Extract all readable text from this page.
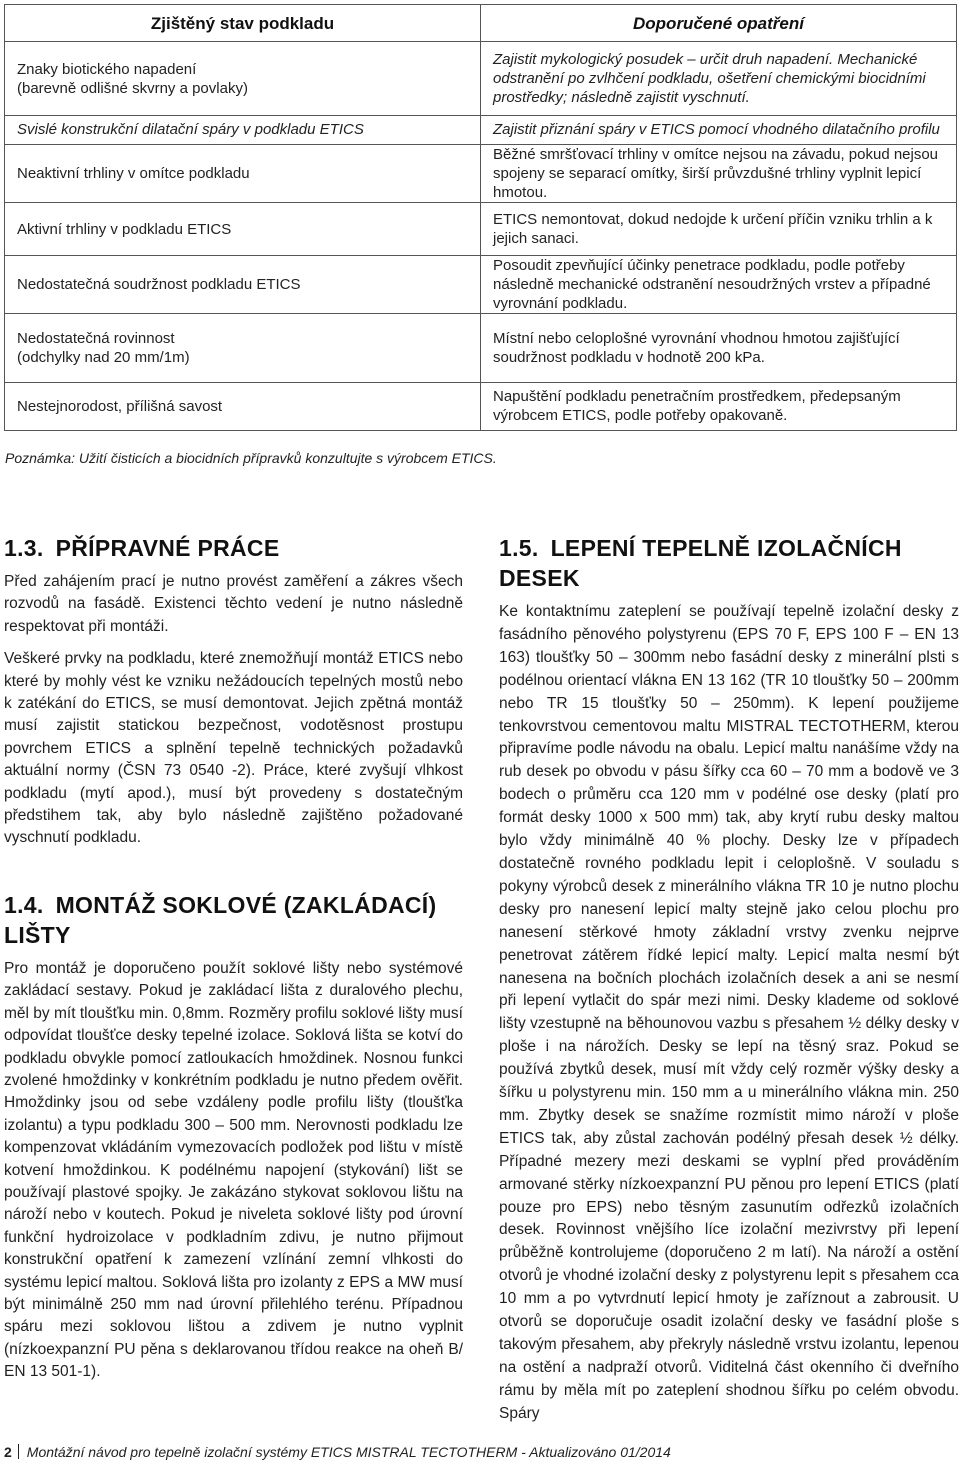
Zjištěný stav podkladu	Doporučené opatření
Znaky biotického napadení
(barevně odlišné skvrny a povlaky)	Zajistit mykologický posudek – určit druh napadení. Mechanické odstranění po zvlhčení podkladu, ošetření chemickými biocidními prostředky; následně zajistit vyschnutí.
Svislé konstrukční dilatační spáry v podkladu ETICS	Zajistit přiznání spáry v ETICS pomocí vhodného dilatačního profilu
Neaktivní trhliny v omítce podkladu	Běžné smršťovací trhliny v omítce nejsou na závadu, pokud nejsou spojeny se separací omítky, širší průvzdušné trhliny vyplnit lepicí hmotou.
Aktivní trhliny v podkladu ETICS	ETICS nemontovat, dokud nedojde k určení příčin vzniku trhlin a k jejich sanaci.
Nedostatečná soudržnost podkladu ETICS	Posoudit zpevňující účinky penetrace podkladu, podle potřeby následně mechanické odstranění nesoudržných vrstev a případné vyrovnání podkladu.
Nedostatečná rovinnost
(odchylky nad 20 mm/1m)	Místní nebo celoplošné vyrovnání vhodnou hmotou zajišťující soudržnost podkladu v hodnotě 200 kPa.
Nestejnorodost, přílišná savost	Napuštění podkladu penetračním prostředkem, předepsaným výrobcem ETICS, podle potřeby opakovaně.
Poznámka: Užití čisticích a biocidních přípravků konzultujte s výrobcem ETICS.
1.3. PŘÍPRAVNÉ PRÁCE

Před zahájením prací je nutno provést zaměření a zákres všech rozvodů na fasádě. Existenci těchto vedení je nutno následně respektovat při montáži.

Veškeré prvky na podkladu, které znemožňují montáž ETICS nebo které by mohly vést ke vzniku nežádoucích tepelných mostů nebo k zatékání do ETICS, se musí demontovat. Jejich zpětná montáž musí zajistit statickou bezpečnost, vodotěsnost prostupu povrchem ETICS a splnění tepelně technických požadavků aktuální normy (ČSN 73 0540 -2). Práce, které zvyšují vlhkost podkladu (mytí apod.), musí být provedeny s dostatečným předstihem tak, aby bylo následně zajištěno požadované vyschnutí podkladu.

1.4. MONTÁŽ SOKLOVÉ (ZAKLÁDACÍ) LIŠTY

Pro montáž je doporučeno použít soklové lišty nebo systémové zakládací sestavy. Pokud je zakládací lišta z duralového plechu, měl by mít tloušťku min. 0,8mm. Rozměry profilu soklové lišty musí odpovídat tloušťce desky tepelné izolace. Soklová lišta se kotví do podkladu obvykle pomocí zatloukacích hmoždinek. Nosnou funkci zvolené hmoždinky v konkrétním podkladu je nutno předem ověřit. Hmoždinky jsou od sebe vzdáleny podle profilu lišty (tloušťka izolantu) a typu podkladu 300 – 500 mm. Nerovnosti podkladu lze kompenzovat vkládáním vymezovacích podložek pod lištu v místě kotvení hmoždinkou. K podélnému napojení (stykování) lišt se používají plastové spojky. Je zakázáno stykovat soklovou lištu na nároží nebo v koutech. Pokud je niveleta soklové lišty pod úrovní funkční hydroizolace v podkladním zdivu, je nutno přijmout konstrukční opatření k zamezení vzlínání zemní vlhkosti do systému lepicí maltou. Soklová lišta pro izolanty z EPS a MW musí být minimálně 250 mm nad úrovní přilehlého terénu. Případnou spáru mezi soklovou lištou a zdivem je nutno vyplnit (nízkoexpanzní PU pěna s deklarovanou třídou reakce na oheň B/ EN 13 501-1).

1.5. LEPENÍ TEPELNĚ IZOLAČNÍCH DESEK

Ke kontaktnímu zateplení se používají tepelně izolační desky z fasádního pěnového polystyrenu (EPS 70 F, EPS 100 F – EN 13 163) tloušťky 50 – 300mm nebo fasádní desky z minerální plsti s podélnou orientací vlákna EN 13 162 (TR 10 tloušťky 50 – 200mm nebo TR 15 tloušťky 50 – 250mm). K lepení použijeme tenkovrstvou cementovou maltu MISTRAL TECTOTHERM, kterou připravíme podle návodu na obalu. Lepicí maltu nanášíme vždy na rub desek po obvodu v pásu šířky cca 60 – 70 mm a bodově ve 3 bodech o průměru cca 120 mm v podélné ose desky (platí pro formát desky 1000 x 500 mm) tak, aby krytí rubu desky maltou bylo vždy minimálně 40 % plochy. Desky lze v případech dostatečně rovného podkladu lepit i celoplošně. V souladu s pokyny výrobců desek z minerálního vlákna TR 10 je nutno plochu desky pro nanesení lepicí malty stejně jako celou plochu pro nanesení stěrkové hmoty základní vrstvy zvenku nejprve penetrovat zátěrem řídké lepicí malty. Lepicí malta nesmí být nanesena na bočních plochách izolačních desek a ani se nesmí při lepení vytlačit do spár mezi nimi. Desky klademe od soklové lišty vzestupně na běhounovou vazbu s přesahem ½ délky desky v ploše i na nárožích. Desky se lepí na těsný sraz. Pokud se používá zbytků desek, musí mít vždy celý rozměr výšky desky a šířku u polystyrenu min. 150 mm a u minerálního vlákna min. 250 mm. Zbytky desek se snažíme rozmístit mimo nároží v ploše ETICS tak, aby zůstal zachován podélný přesah desek ½ délky. Případné mezery mezi deskami se vyplní před prováděním armované stěrky nízkoexpanzní PU pěnou pro lepení ETICS (platí pouze pro EPS) nebo těsným zasunutím odřezků izolačních desek. Rovinnost vnějšího líce izolační mezivrstvy při lepení průběžně kontrolujeme (doporučeno 2 m latí). Na nároží a ostění otvorů je vhodné izolační desky z polystyrenu lepit s přesahem cca 10 mm a po vytvrdnutí lepicí hmoty je zaříznout a zabrousit. U otvorů se doporučuje osadit izolační desky ve fasádní ploše s takovým přesahem, aby překryly následně vrstvu izolantu, lepenou na ostění a nadpraží otvorů. Viditelná část okenního či dveřního rámu by měla mít po zateplení shodnou šířku po celém obvodu. Spáry

2 Montážní návod pro tepelně izolační systémy ETICS MISTRAL TECTOTHERM - Aktualizováno 01/2014
